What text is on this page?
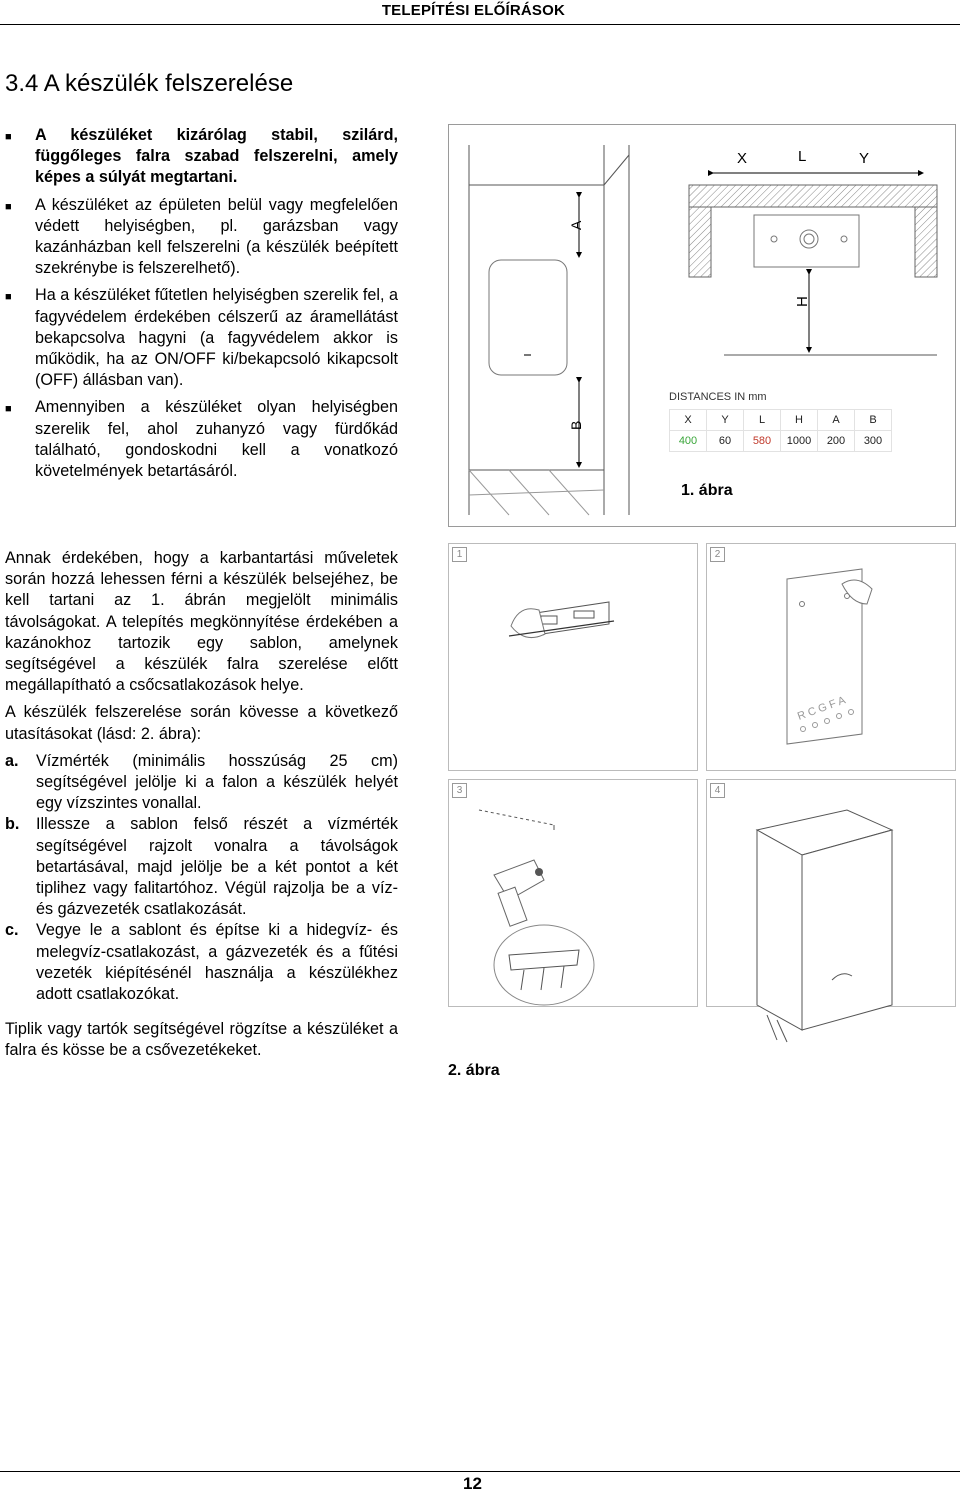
TELEPÍTÉSI ELŐÍRÁSOK
3.4 A készülék felszerelése
■	A készüléket kizárólag stabil, szilárd, függőleges falra szabad felszerelni, amely képes a súlyát megtartani.
■	A készüléket az épületen belül vagy megfelelően védett helyiségben, pl. garázsban vagy kazánházban kell felszerelni (a készülék beépített szekrénybe is felszerelhető).
■	Ha a készüléket fűtetlen helyiségben szerelik fel, a fagyvédelem érdekében célszerű az áramellátást bekapcsolva hagyni (a fagyvédelem akkor is működik, ha az ON/OFF ki/bekapcsoló kikapcsolt (OFF) állásban van).
■	Amennyiben a készüléket olyan helyiségben szerelik fel, ahol zuhanyzó vagy fürdőkád található, gondoskodni kell a vonatkozó követelmények betartásáról.

Annak érdekében, hogy a karbantartási műveletek során hozzá lehessen férni a készülék belsejéhez, be kell tartani az 1. ábrán megjelölt minimális távolságokat. A telepítés megkönnyítése érdekében a kazánokhoz tartozik egy sablon, amelynek segítségével a készülék falra szerelése előtt megállapítható a csőcsatlakozások helye.

A készülék felszerelése során kövesse a következő utasításokat (lásd: 2. ábra):

a.	Vízmérték (minimális hosszúság 25 cm) segítségével jelölje ki a falon a készülék helyét egy vízszintes vonallal.
b.	Illessze a sablon felső részét a vízmérték segítségével rajzolt vonalra a távolságok betartásával, majd jelölje be a két pontot a két tiplihez vagy falitartóhoz. Végül rajzolja be a víz- és gázvezeték csatlakozását.
c.	Vegye le a sablont és építse ki a hidegvíz- és melegvíz-csatlakozást, a gázvezeték és a fűtési vezeték kiépítésénél használja a készülékhez adott csatlakozókat.

Tiplik vagy tartók segítségével rögzítse a készüléket a falra és kösse be a csővezetékeket.

A
B
X	L	Y
H
DISTANCES IN mm
X	Y	L	H	A	B
400	60	580	1000	200	300
1. ábra
1	2
R C G F A
3	4
2. ábra
12
